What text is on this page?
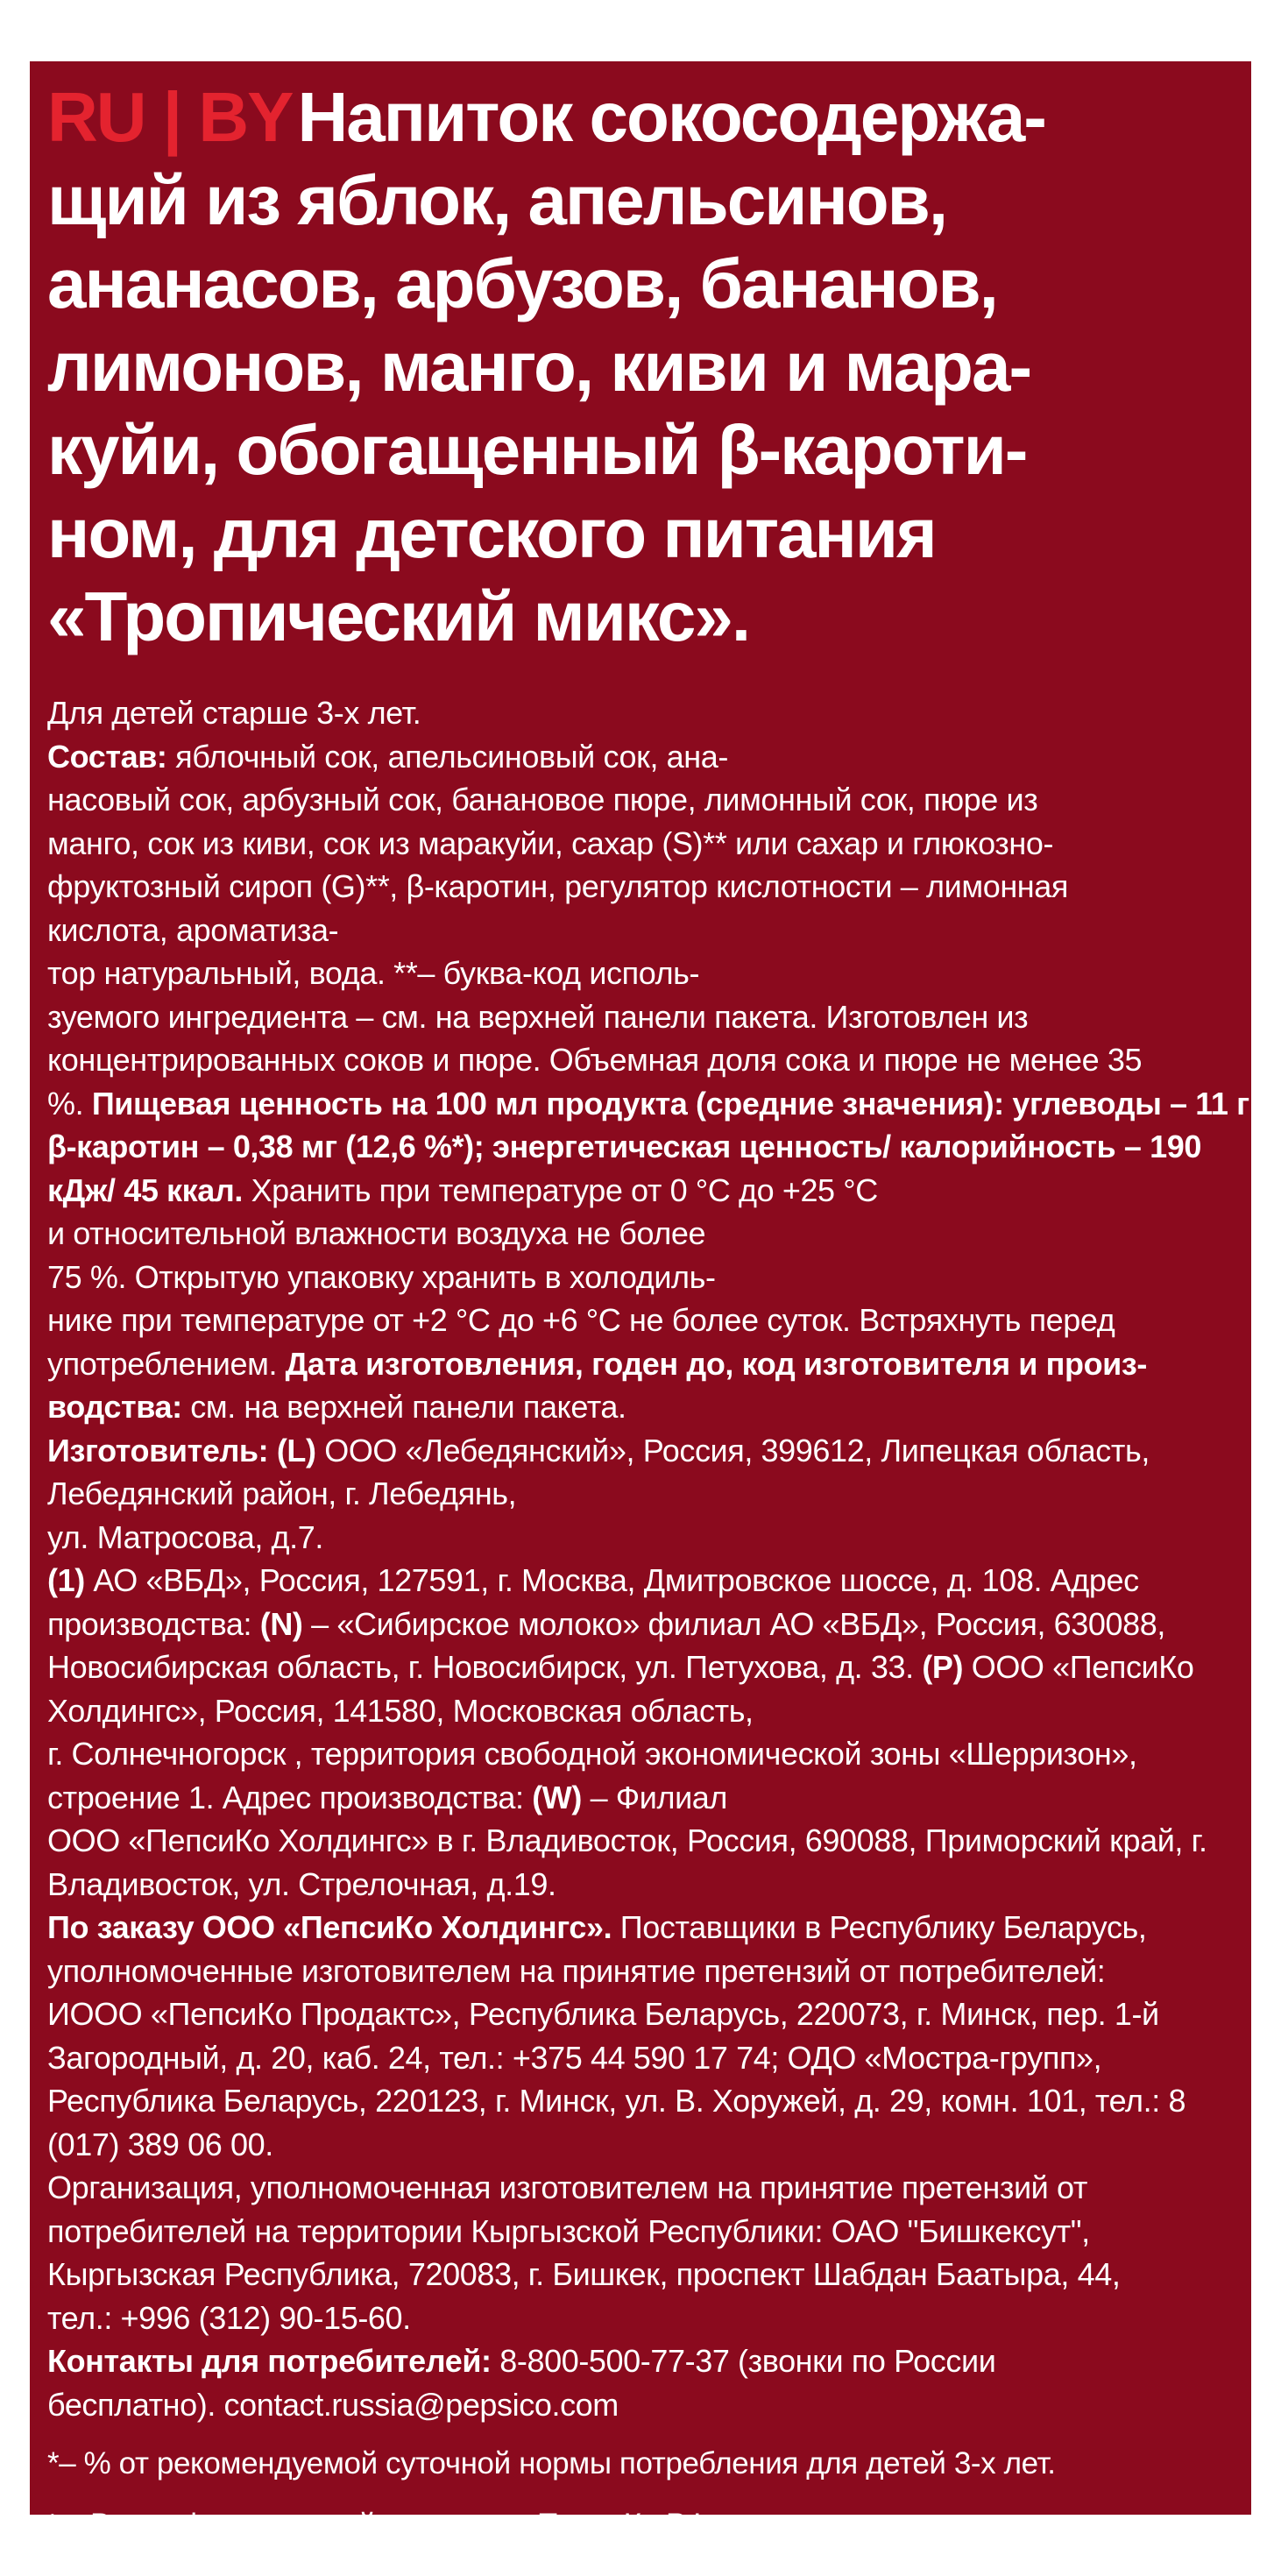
RU | BYНапиток сокосодержа-
щий из яблок, апельсинов,
ананасов, арбузов, бананов,
лимонов, манго, киви и мара-
куйи, обогащенный β-кароти-
ном, для детского питания
«Тропический микс».
Для детей старше 3-х лет.
Состав: яблочный сок, апельсиновый сок, ана-
насовый сок, арбузный сок, банановое пюре, лимонный сок, пюре из
манго, сок из киви, сок из маракуйи, сахар (S)** или сахар и глюкозно-
фруктозный сироп (G)**, β-каротин, регулятор кислотности – лимонная
кислота, ароматиза-
тор натуральный, вода. **– буква-код исполь-
зуемого ингредиента – см. на верхней панели пакета. Изготовлен из
концентрированных соков и пюре. Объемная доля сока и пюре не менее 35
%. Пищевая ценность на 100 мл продукта (средние значения): углеводы – 11 г;
β-каротин – 0,38 мг (12,6 %*); энергетическая ценность/ калорийность – 190
кДж/ 45 ккал. Хранить при температуре от 0 °С до +25 °С
и относительной влажности воздуха не более
75 %. Открытую упаковку хранить в холодиль-
нике при температуре от +2 °С до +6 °С не более суток. Встряхнуть перед
употреблением. Дата изготовления, годен до, код изготовителя и произ-
водства: см. на верхней панели пакета.
Изготовитель: (L) ООО «Лебедянский», Россия, 399612, Липецкая область,
Лебедянский район, г. Лебедянь,
ул. Матросова, д.7.
(1) АО «ВБД», Россия, 127591, г. Москва, Дмитровское шоссе, д. 108. Адрес
производства: (N) – «Сибирское молоко» филиал АО «ВБД», Россия, 630088,
Новосибирская область, г. Новосибирск, ул. Петухова, д. 33. (Р) ООО «ПепсиКо
Холдингс», Россия, 141580, Московская область,
г. Солнечногорск , территория свободной экономической зоны «Шерризон»,
строение 1. Адрес производства: (W) – Филиал
ООО «ПепсиКо Холдингс» в г. Владивосток, Россия, 690088, Приморский край, г.
Владивосток, ул. Стрелочная, д.19.
По заказу ООО «ПепсиКо Холдингс». Поставщики в Республику Беларусь,
уполномоченные изготовителем на принятие претензий от потребителей:
ИООО «ПепсиКо Продактс», Республика Беларусь, 220073, г. Минск, пер. 1-й
Загородный, д. 20, каб. 24, тел.: +375 44 590 17 74; ОДО «Мостра-групп»,
Республика Беларусь, 220123, г. Минск, ул. В. Хоружей, д. 29, комн. 101, тел.: 8
(017) 389 06 00.
Организация, уполномоченная изготовителем на принятие претензий от
потребителей на территории Кыргызской Республики: ОАО "Бишкексут",
Кыргызская Республика, 720083, г. Бишкек, проспект Шабдан Баатыра, 44,
тел.: +996 (312) 90-15-60.
Контакты для потребителей: 8-800-500-77-37 (звонки по России
бесплатно). contact.russia@pepsico.com
*– % от рекомендуемой суточной нормы потребления для детей 3-х лет.
¹ – В портфеле соковой продукции ПепсиКо РФ.
